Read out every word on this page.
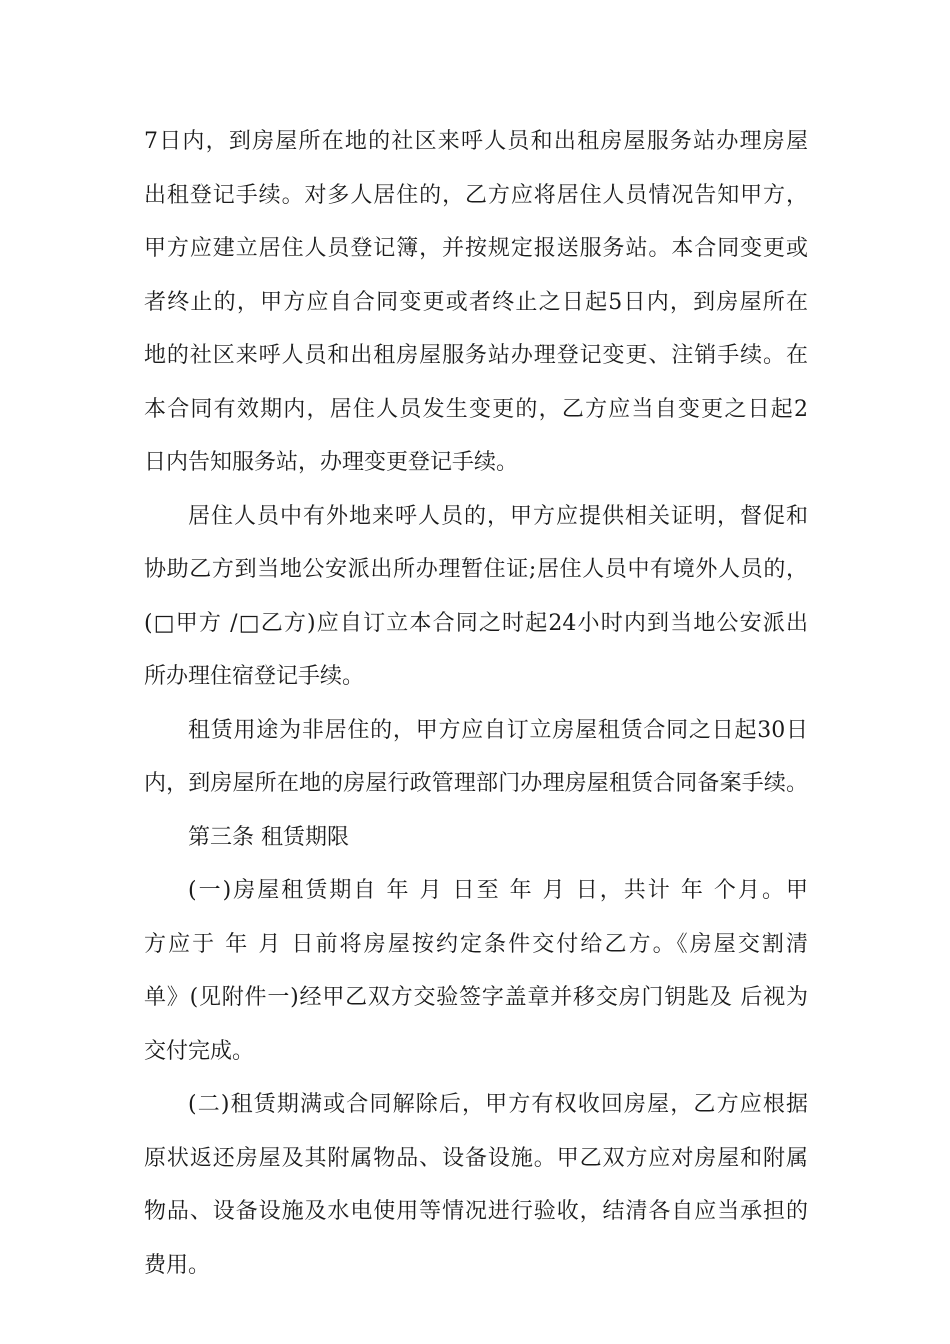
7日内，到房屋所在地的社区来呼人员和出租房屋服务站办理房屋
出租登记手续。对多人居住的，乙方应将居住人员情况告知甲方，
甲方应建立居住人员登记簿，并按规定报送服务站。本合同变更或
者终止的，甲方应自合同变更或者终止之日起5日内，到房屋所在
地的社区来呼人员和出租房屋服务站办理登记变更、注销手续。在
本合同有效期内，居住人员发生变更的，乙方应当自变更之日起2
日内告知服务站，办理变更登记手续。
居住人员中有外地来呼人员的，甲方应提供相关证明，督促和
协助乙方到当地公安派出所办理暂住证;居住人员中有境外人员的，
(□甲方 /□乙方)应自订立本合同之时起24小时内到当地公安派出
所办理住宿登记手续。
租赁用途为非居住的，甲方应自订立房屋租赁合同之日起30日
内，到房屋所在地的房屋行政管理部门办理房屋租赁合同备案手续。
第三条 租赁期限
(一)房屋租赁期自 年 月 日至 年 月 日，共计 年 个月。甲
方应于 年 月 日前将房屋按约定条件交付给乙方。《房屋交割清
单》(见附件一)经甲乙双方交验签字盖章并移交房门钥匙及 后视为
交付完成。
(二)租赁期满或合同解除后，甲方有权收回房屋，乙方应根据
原状返还房屋及其附属物品、设备设施。甲乙双方应对房屋和附属
物品、设备设施及水电使用等情况进行验收，结清各自应当承担的
费用。
